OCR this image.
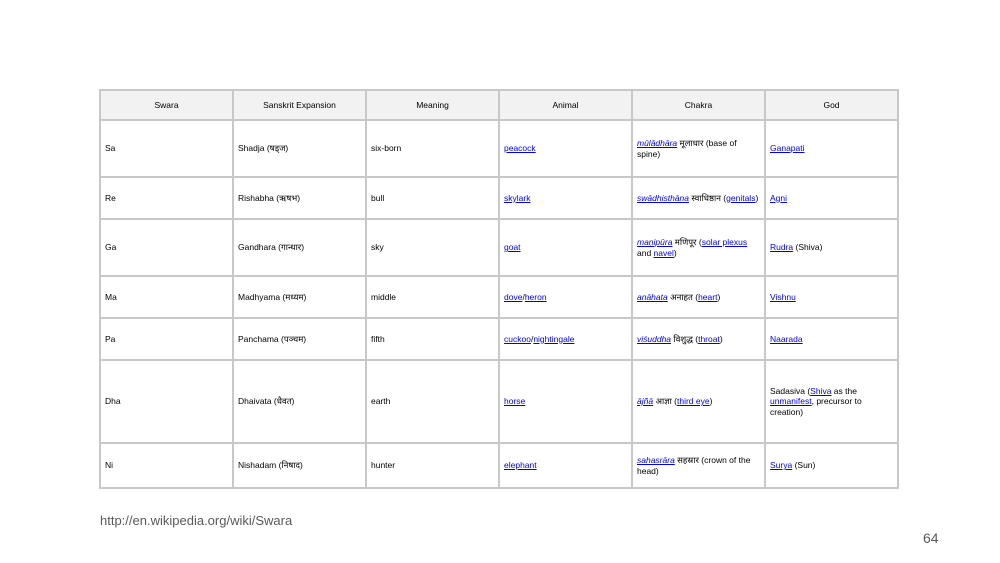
Swara	Sanskrit Expansion	Meaning	Animal	Chakra	God
Sa	Shadja (षड्ज)	six-born	peacock	mūlādhāra मूलाधार (base of spine)	Ganapati
Re	Rishabha (ऋषभ)	bull	skylark	swādhisthāna स्वाधिष्ठान (genitals)	Agni
Ga	Gandhara (गान्धार)	sky	goat	maṇipūra मणिपूर (solar plexus and navel)	Rudra (Shiva)
Ma	Madhyama (मध्यम)	middle	dove/heron	anāhata अनाहत (heart)	Vishnu
Pa	Panchama (पञ्चम)	fifth	cuckoo/nightingale	viśuddha विशुद्ध (throat)	Naarada
Dha	Dhaivata (धैवत)	earth	horse	ājñā आज्ञा (third eye)	Sadasiva (Shiva as the unmanifest, precursor to creation)
Ni	Nishadam (निषाद)	hunter	elephant	sahasrāra सहस्रार (crown of the head)	Surya (Sun)
http://en.wikipedia.org/wiki/Swara
64
